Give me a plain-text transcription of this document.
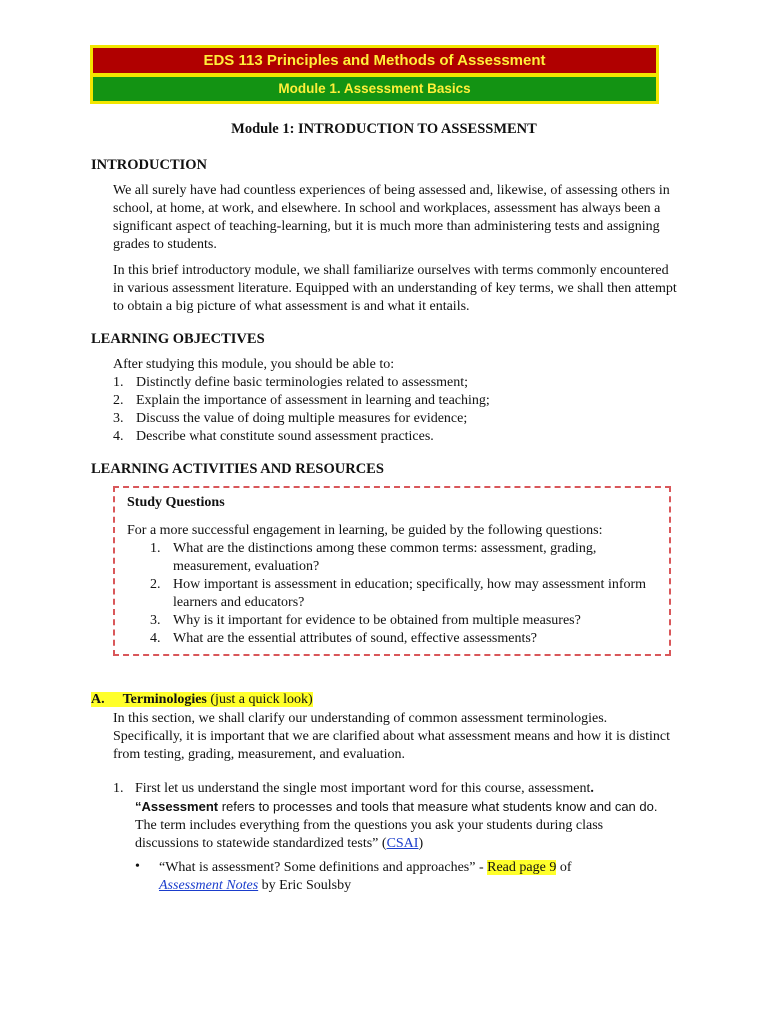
EDS 113 Principles and Methods of Assessment
Module 1. Assessment Basics
Module 1: INTRODUCTION TO ASSESSMENT
INTRODUCTION

We all surely have had countless experiences of being assessed and, likewise, of assessing others in school, at home, at work, and elsewhere. In school and workplaces, assessment has always been a significant aspect of teaching-learning, but it is much more than administering tests and assigning grades to students.

In this brief introductory module, we shall familiarize ourselves with terms commonly encountered in various assessment literature. Equipped with an understanding of key terms, we shall then attempt to obtain a big picture of what assessment is and what it entails.

LEARNING OBJECTIVES
After studying this module, you should be able to:
1. Distinctly define basic terminologies related to assessment;
2. Explain the importance of assessment in learning and teaching;
3. Discuss the value of doing multiple measures for evidence;
4. Describe what constitute sound assessment practices.
LEARNING ACTIVITIES AND RESOURCES
Study Questions
For a more successful engagement in learning, be guided by the following questions:
1. What are the distinctions among these common terms: assessment, grading, measurement, evaluation?
2. How important is assessment in education; specifically, how may assessment inform learners and educators?
3. Why is it important for evidence to be obtained from multiple measures?
4. What are the essential attributes of sound, effective assessments?
A. Terminologies (just a quick look)
In this section, we shall clarify our understanding of common assessment terminologies. Specifically, it is important that we are clarified about what assessment means and how it is distinct from testing, grading, measurement, and evaluation.
1. First let us understand the single most important word for this course, assessment.
“Assessment refers to processes and tools that measure what students know and can do. The term includes everything from the questions you ask your students during class discussions to statewide standardized tests” (CSAI)
• “What is assessment? Some definitions and approaches” - Read page 9 of
Assessment Notes by Eric Soulsby
